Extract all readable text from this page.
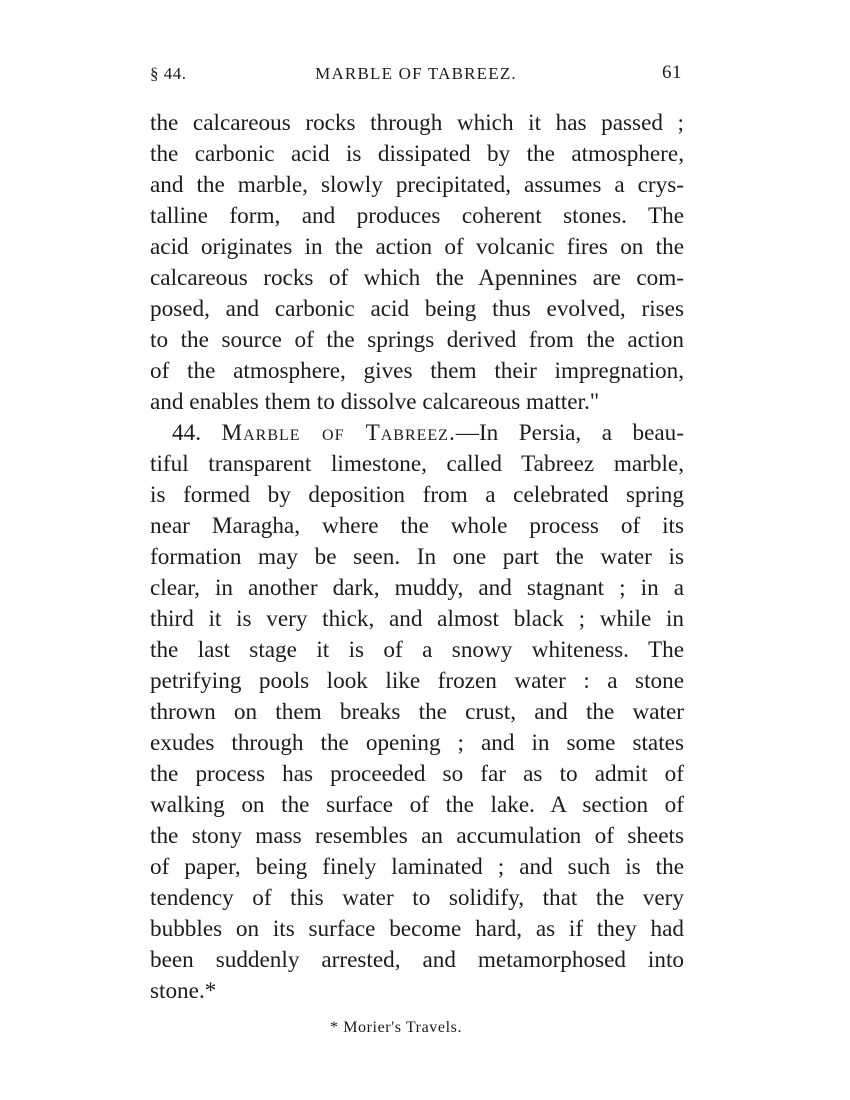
§ 44.	MARBLE OF TABREEZ.	61
the calcareous rocks through which it has passed ;
the carbonic acid is dissipated by the atmosphere,
and the marble, slowly precipitated, assumes a crys-
talline form, and produces coherent stones. The
acid originates in the action of volcanic fires on the
calcareous rocks of which the Apennines are com-
posed, and carbonic acid being thus evolved, rises
to the source of the springs derived from the action
of the atmosphere, gives them their impregnation,
and enables them to dissolve calcareous matter."
44. Marble of Tabreez.—In Persia, a beau-
tiful transparent limestone, called Tabreez marble,
is formed by deposition from a celebrated spring
near Maragha, where the whole process of its
formation may be seen. In one part the water is
clear, in another dark, muddy, and stagnant ; in a
third it is very thick, and almost black ; while in
the last stage it is of a snowy whiteness. The
petrifying pools look like frozen water : a stone
thrown on them breaks the crust, and the water
exudes through the opening ; and in some states
the process has proceeded so far as to admit of
walking on the surface of the lake. A section of
the stony mass resembles an accumulation of sheets
of paper, being finely laminated ; and such is the
tendency of this water to solidify, that the very
bubbles on its surface become hard, as if they had
been suddenly arrested, and metamorphosed into
stone.*
* Morier's Travels.
